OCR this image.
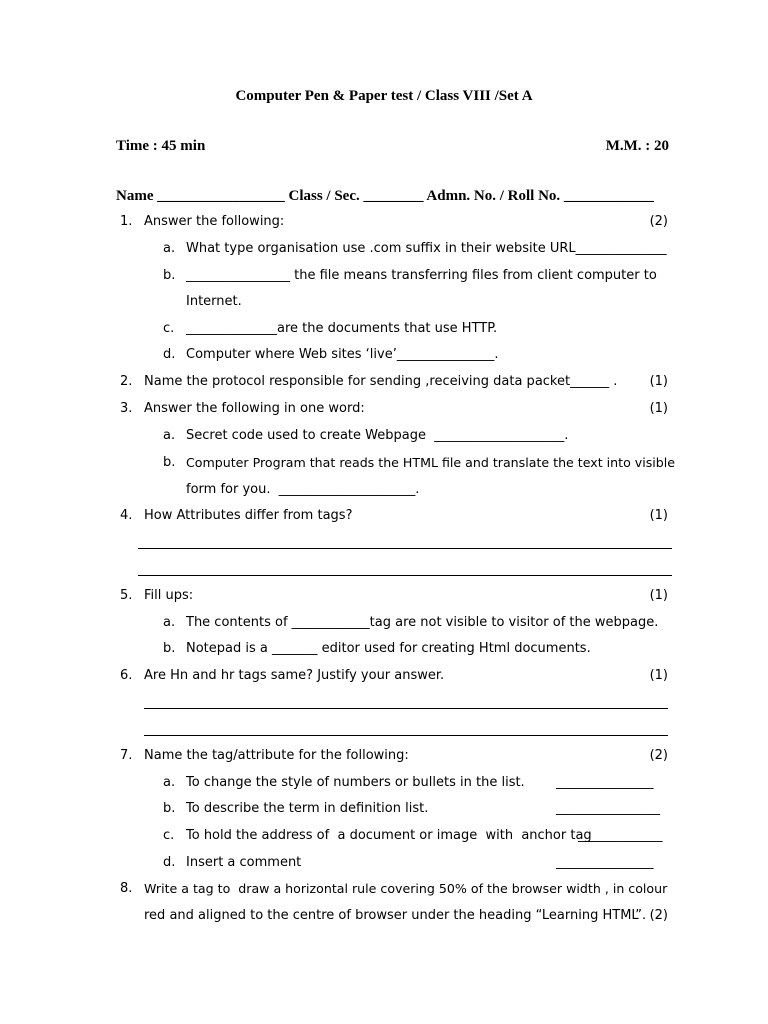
Computer Pen & Paper test / Class VIII /Set A
Time : 45 min	M.M. : 20
Name _________________ Class / Sec. ________ Admn. No. / Roll No. ____________
1. Answer the following:	(2)
a. What type organisation use .com suffix in their website URL______________
b. ________________ the file means transferring files from client computer to
Internet.
c. ______________are the documents that use HTTP.
d. Computer where Web sites ‘live’_______________.
2. Name the protocol responsible for sending ,receiving data packet______ . (1)
3. Answer the following in one word:	(1)
a. Secret code used to create Webpage  ____________________.
b. Computer Program that reads the HTML file and translate the text into visible
form for you.  _____________________.
4. How Attributes differ from tags?	(1)
5. Fill ups:	(1)
a. The contents of ____________tag are not visible to visitor of the webpage.
b. Notepad is a _______ editor used for creating Html documents.
6. Are Hn and hr tags same? Justify your answer.	(1)
7. Name the tag/attribute for the following:	(2)
a. To change the style of numbers or bullets in the list. _______________
b. To describe the term in definition list.	________________
c. To hold the address of  a document or image  with  anchor tag
_____________
d. Insert a comment	_______________
8. Write a tag to  draw a horizontal rule covering 50% of the browser width , in colour
red and aligned to the centre of browser under the heading “Learning HTML”. (2)
